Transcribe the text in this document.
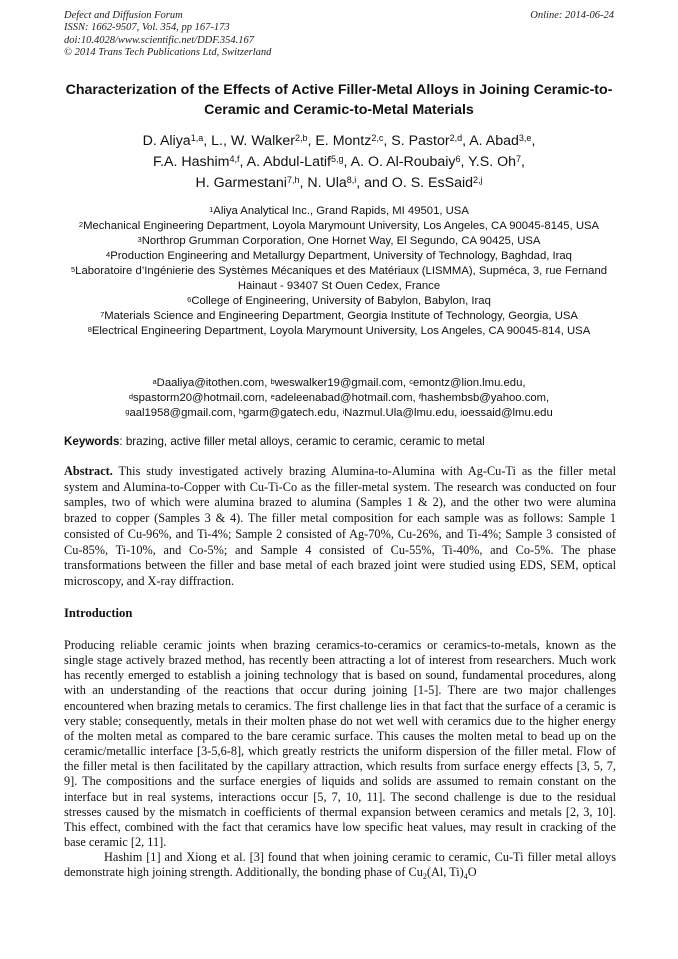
Defect and Diffusion Forum
ISSN: 1662-9507, Vol. 354, pp 167-173
doi:10.4028/www.scientific.net/DDF.354.167
© 2014 Trans Tech Publications Ltd, Switzerland
Online: 2014-06-24
Characterization of the Effects of Active Filler-Metal Alloys in Joining Ceramic-to-Ceramic and Ceramic-to-Metal Materials
D. Aliya$^{1,a}$, L., W. Walker$^{2,b}$, E. Montz$^{2,c}$, S. Pastor$^{2,d}$, A. Abad$^{3,e}$,
F.A. Hashim$^{4,f}$, A. Abdul-Latif$^{5,g}$, A. O. Al-Roubaiy$^6$, Y.S. Oh$^7$,
H. Garmestani$^{7,h}$, N. Ula$^{8,i}$, and O. S. EsSaid$^{2,j}$
$^1$Aliya Analytical Inc., Grand Rapids, MI 49501, USA
$^2$Mechanical Engineering Department, Loyola Marymount University, Los Angeles, CA 90045-8145, USA
$^3$Northrop Grumman Corporation, One Hornet Way, El Segundo, CA 90425, USA
$^4$Production Engineering and Metallurgy Department, University of Technology, Baghdad, Iraq
$^5$Laboratoire d’Ingénierie des Systèmes Mécaniques et des Matériaux (LISMMA), Supméca, 3, rue Fernand Hainaut - 93407 St Ouen Cedex, France
$^6$College of Engineering, University of Babylon, Babylon, Iraq
$^7$Materials Science and Engineering Department, Georgia Institute of Technology, Georgia, USA
$^8$Electrical Engineering Department, Loyola Marymount University, Los Angeles, CA 90045-814, USA
$^a$Daaliya@itothen.com, $^b$weswalker19@gmail.com, $^c$emontz@lion.lmu.edu,
$^d$spastorm20@hotmail.com, $^e$adeleenabad@hotmail.com, $^f$hashembsb@yahoo.com,
$^g$aal1958@gmail.com, $^h$garm@gatech.edu, $^i$Nazmul.Ula@lmu.edu, $^j$oessaid@lmu.edu
Keywords: brazing, active filler metal alloys, ceramic to ceramic, ceramic to metal
Abstract. This study investigated actively brazing Alumina-to-Alumina with Ag-Cu-Ti as the filler metal system and Alumina-to-Copper with Cu-Ti-Co as the filler-metal system. The research was conducted on four samples, two of which were alumina brazed to alumina (Samples 1 & 2), and the other two were alumina brazed to copper (Samples 3 & 4). The filler metal composition for each sample was as follows: Sample 1 consisted of Cu-96%, and Ti-4%; Sample 2 consisted of Ag-70%, Cu-26%, and Ti-4%; Sample 3 consisted of Cu-85%, Ti-10%, and Co-5%; and Sample 4 consisted of Cu-55%, Ti-40%, and Co-5%. The phase transformations between the filler and base metal of each brazed joint were studied using EDS, SEM, optical microscopy, and X-ray diffraction.
Introduction

Producing reliable ceramic joints when brazing ceramics-to-ceramics or ceramics-to-metals, known as the single stage actively brazed method, has recently been attracting a lot of interest from researchers. Much work has recently emerged to establish a joining technology that is based on sound, fundamental procedures, along with an understanding of the reactions that occur during joining [1-5]. There are two major challenges encountered when brazing metals to ceramics. The first challenge lies in that fact that the surface of a ceramic is very stable; consequently, metals in their molten phase do not wet well with ceramics due to the higher energy of the molten metal as compared to the bare ceramic surface. This causes the molten metal to bead up on the ceramic/metallic interface [3-5,6-8], which greatly restricts the uniform dispersion of the filler metal. Flow of the filler metal is then facilitated by the capillary attraction, which results from surface energy effects [3, 5, 7, 9]. The compositions and the surface energies of liquids and solids are assumed to remain constant on the interface but in real systems, interactions occur [5, 7, 10, 11]. The second challenge is due to the residual stresses caused by the mismatch in coefficients of thermal expansion between ceramics and metals [2, 3, 10]. This effect, combined with the fact that ceramics have low specific heat values, may result in cracking of the base ceramic [2, 11].

Hashim [1] and Xiong et al. [3] found that when joining ceramic to ceramic, Cu-Ti filler metal alloys demonstrate high joining strength. Additionally, the bonding phase of $Cu_2(Al$, $Ti)_4O$
